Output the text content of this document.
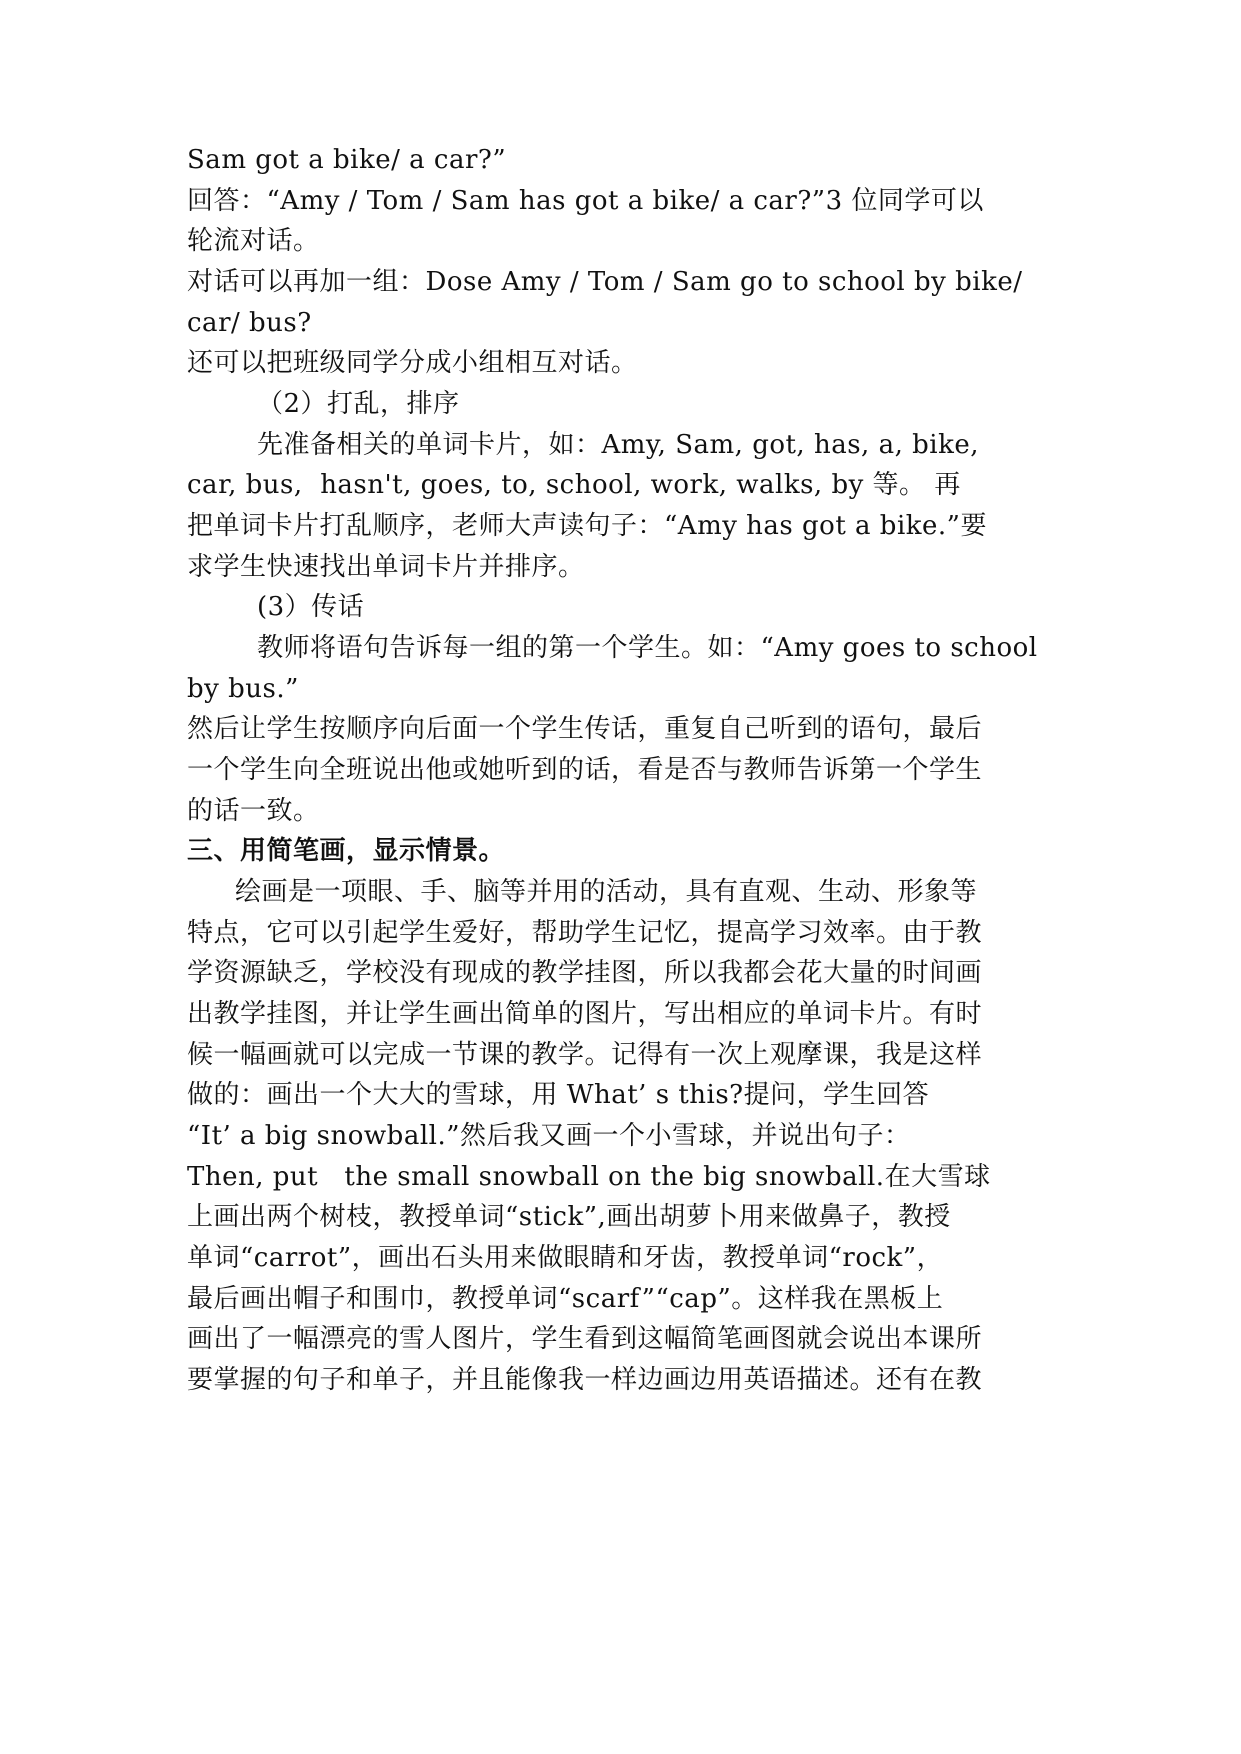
Sam got a bike/ a car?”
回答：“Amy / Tom / Sam has got a bike/ a car?”3 位同学可以
轮流对话。
对话可以再加一组：Dose Amy / Tom / Sam go to school by bike/
car/ bus?
还可以把班级同学分成小组相互对话。
（2）打乱，排序
先准备相关的单词卡片，如：Amy, Sam, got, has, a, bike,
car, bus,  hasn't, goes, to, school, work, walks, by 等。 再
把单词卡片打乱顺序，老师大声读句子：“Amy has got a bike.”要
求学生快速找出单词卡片并排序。
(3）传话
教师将语句告诉每一组的第一个学生。如：“Amy goes to school
by bus.”
然后让学生按顺序向后面一个学生传话，重复自己听到的语句，最后
一个学生向全班说出他或她听到的话，看是否与教师告诉第一个学生
的话一致。
三、用简笔画，显示情景。
绘画是一项眼、手、脑等并用的活动，具有直观、生动、形象等
特点，它可以引起学生爱好，帮助学生记忆，提高学习效率。由于教
学资源缺乏，学校没有现成的教学挂图，所以我都会花大量的时间画
出教学挂图，并让学生画出简单的图片，写出相应的单词卡片。有时
候一幅画就可以完成一节课的教学。记得有一次上观摩课，我是这样
做的：画出一个大大的雪球，用 What’ s this?提问，学生回答
“It’ a big snowball.”然后我又画一个小雪球，并说出句子：
Then, put   the small snowball on the big snowball.在大雪球
上画出两个树枝，教授单词“stick”,画出胡萝卜用来做鼻子，教授
单词“carrot”，画出石头用来做眼睛和牙齿，教授单词“rock”，
最后画出帽子和围巾，教授单词“scarf”“cap”。这样我在黑板上
画出了一幅漂亮的雪人图片，学生看到这幅简笔画图就会说出本课所
要掌握的句子和单子，并且能像我一样边画边用英语描述。还有在教
